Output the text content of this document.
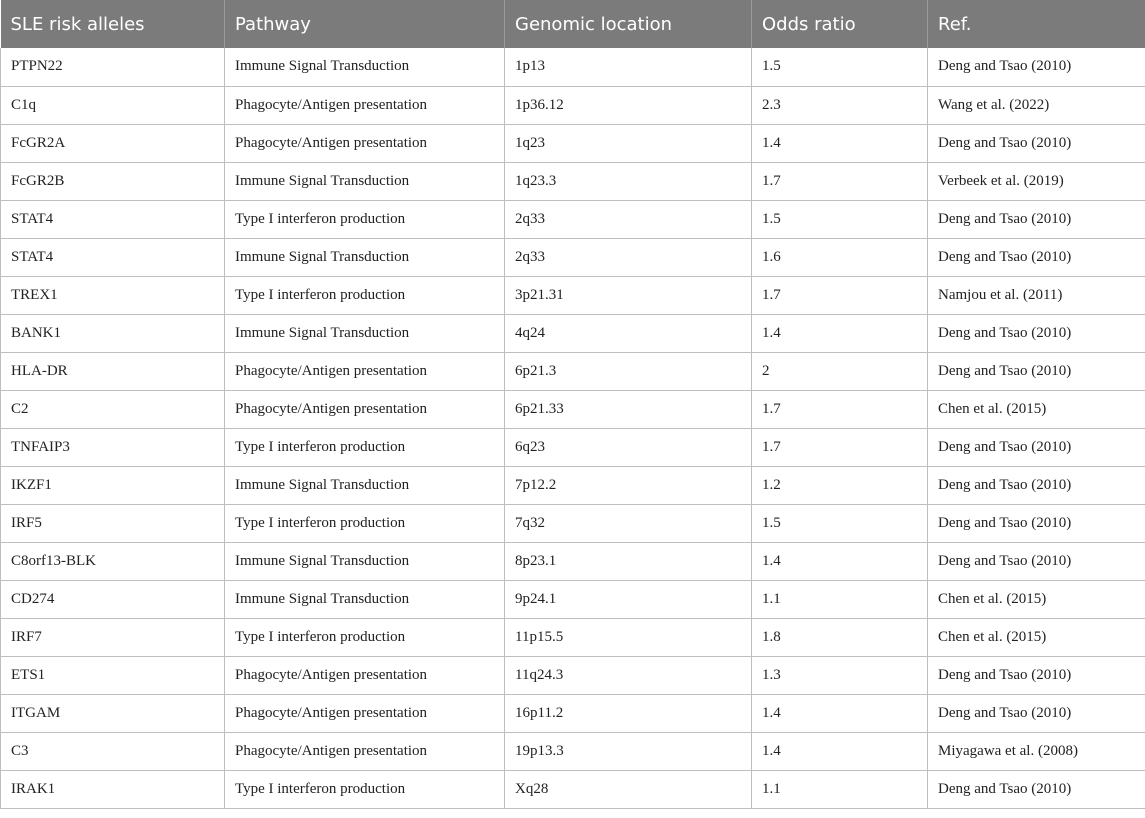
SLE risk alleles	Pathway	Genomic location	Odds ratio	Ref.
PTPN22	Immune Signal Transduction	1p13	1.5	Deng and Tsao (2010)
C1q	Phagocyte/Antigen presentation	1p36.12	2.3	Wang et al. (2022)
FcGR2A	Phagocyte/Antigen presentation	1q23	1.4	Deng and Tsao (2010)
FcGR2B	Immune Signal Transduction	1q23.3	1.7	Verbeek et al. (2019)
STAT4	Type I interferon production	2q33	1.5	Deng and Tsao (2010)
STAT4	Immune Signal Transduction	2q33	1.6	Deng and Tsao (2010)
TREX1	Type I interferon production	3p21.31	1.7	Namjou et al. (2011)
BANK1	Immune Signal Transduction	4q24	1.4	Deng and Tsao (2010)
HLA-DR	Phagocyte/Antigen presentation	6p21.3	2	Deng and Tsao (2010)
C2	Phagocyte/Antigen presentation	6p21.33	1.7	Chen et al. (2015)
TNFAIP3	Type I interferon production	6q23	1.7	Deng and Tsao (2010)
IKZF1	Immune Signal Transduction	7p12.2	1.2	Deng and Tsao (2010)
IRF5	Type I interferon production	7q32	1.5	Deng and Tsao (2010)
C8orf13-BLK	Immune Signal Transduction	8p23.1	1.4	Deng and Tsao (2010)
CD274	Immune Signal Transduction	9p24.1	1.1	Chen et al. (2015)
IRF7	Type I interferon production	11p15.5	1.8	Chen et al. (2015)
ETS1	Phagocyte/Antigen presentation	11q24.3	1.3	Deng and Tsao (2010)
ITGAM	Phagocyte/Antigen presentation	16p11.2	1.4	Deng and Tsao (2010)
C3	Phagocyte/Antigen presentation	19p13.3	1.4	Miyagawa et al. (2008)
IRAK1	Type I interferon production	Xq28	1.1	Deng and Tsao (2010)
